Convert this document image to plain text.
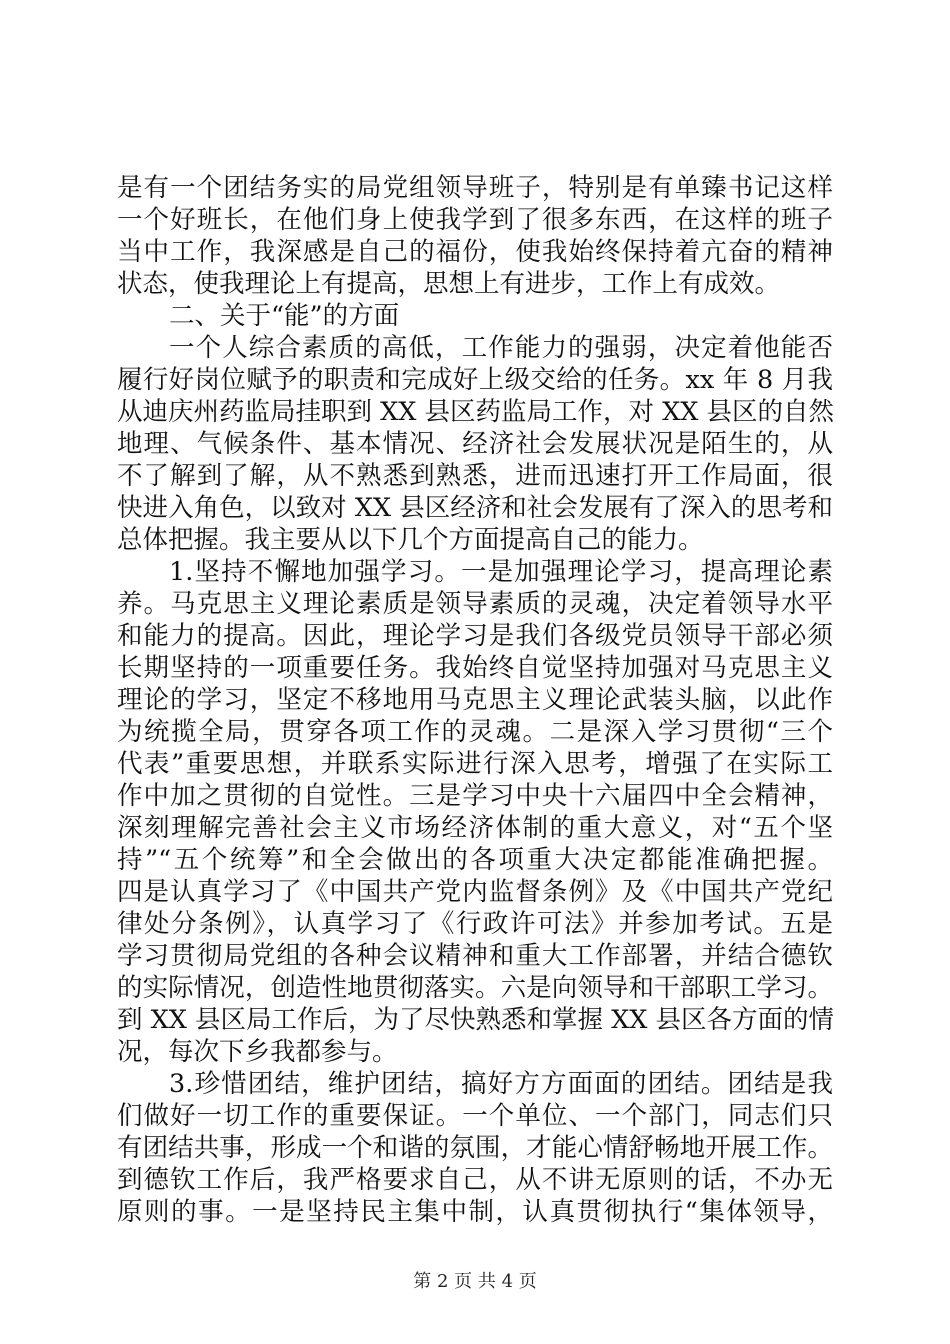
是有一个团结务实的局党组领导班子，特别是有单臻书记这样
一个好班长，在他们身上使我学到了很多东西，在这样的班子
当中工作，我深感是自己的福份，使我始终保持着亢奋的精神
状态，使我理论上有提高，思想上有进步，工作上有成效。
二、关于“能”的方面
一个人综合素质的高低，工作能力的强弱，决定着他能否
履行好岗位赋予的职责和完成好上级交给的任务。xx 年 8 月我
从迪庆州药监局挂职到 XX 县区药监局工作，对 XX 县区的自然
地理、气候条件、基本情况、经济社会发展状况是陌生的，从
不了解到了解，从不熟悉到熟悉，进而迅速打开工作局面，很
快进入角色，以致对 XX 县区经济和社会发展有了深入的思考和
总体把握。我主要从以下几个方面提高自己的能力。
1.坚持不懈地加强学习。一是加强理论学习，提高理论素
养。马克思主义理论素质是领导素质的灵魂，决定着领导水平
和能力的提高。因此，理论学习是我们各级党员领导干部必须
长期坚持的一项重要任务。我始终自觉坚持加强对马克思主义
理论的学习，坚定不移地用马克思主义理论武装头脑，以此作
为统揽全局，贯穿各项工作的灵魂。二是深入学习贯彻“三个
代表”重要思想，并联系实际进行深入思考，增强了在实际工
作中加之贯彻的自觉性。三是学习中央十六届四中全会精神，
深刻理解完善社会主义市场经济体制的重大意义，对“五个坚
持”“五个统筹”和全会做出的各项重大决定都能准确把握。
四是认真学习了《中国共产党内监督条例》及《中国共产党纪
律处分条例》，认真学习了《行政许可法》并参加考试。五是
学习贯彻局党组的各种会议精神和重大工作部署，并结合德钦
的实际情况，创造性地贯彻落实。六是向领导和干部职工学习。
到 XX 县区局工作后，为了尽快熟悉和掌握 XX 县区各方面的情
况，每次下乡我都参与。
3.珍惜团结，维护团结，搞好方方面面的团结。团结是我
们做好一切工作的重要保证。一个单位、一个部门，同志们只
有团结共事，形成一个和谐的氛围，才能心情舒畅地开展工作。
到德钦工作后，我严格要求自己，从不讲无原则的话，不办无
原则的事。一是坚持民主集中制，认真贯彻执行“集体领导，
第 2 页 共 4 页
